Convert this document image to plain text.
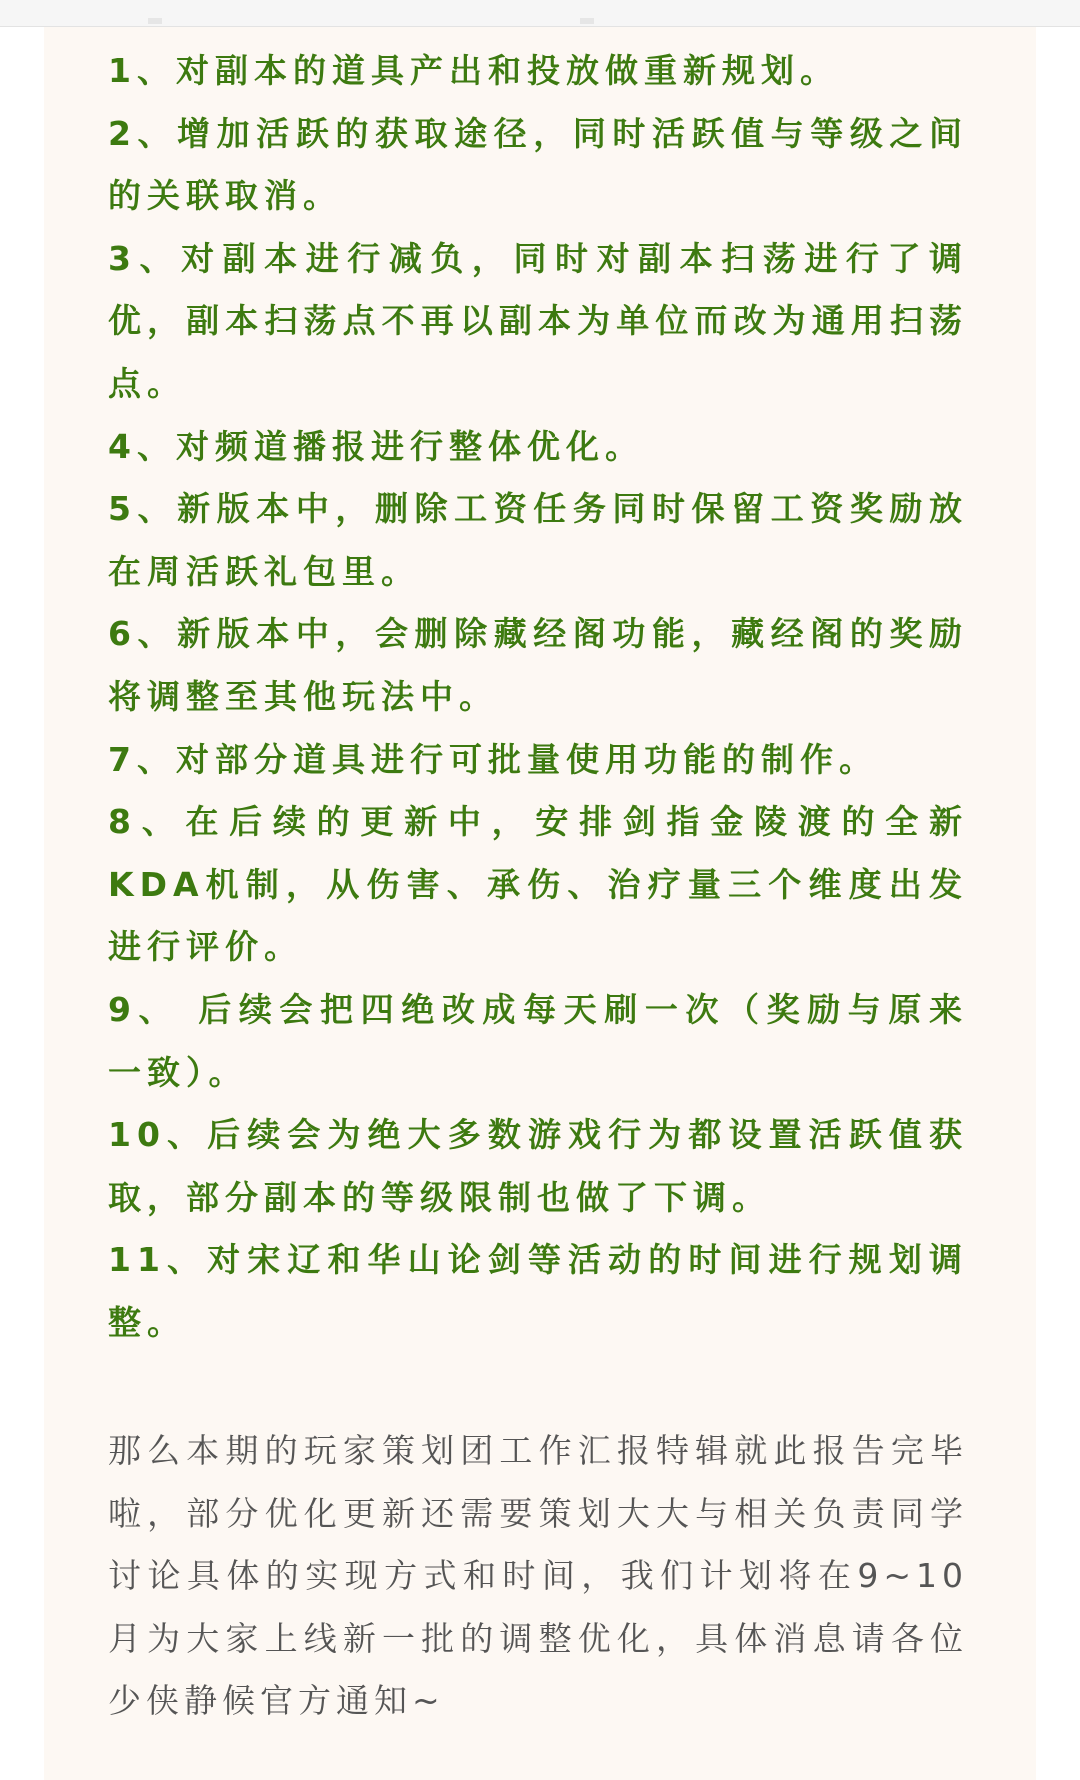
1、对副本的道具产出和投放做重新规划。
2、增加活跃的获取途径，同时活跃值与等级之间的关联取消。
3、对副本进行减负，同时对副本扫荡进行了调优，副本扫荡点不再以副本为单位而改为通用扫荡点。
4、对频道播报进行整体优化。
5、新版本中，删除工资任务同时保留工资奖励放在周活跃礼包里。
6、新版本中，会删除藏经阁功能，藏经阁的奖励将调整至其他玩法中。
7、对部分道具进行可批量使用功能的制作。
8、在后续的更新中，安排剑指金陵渡的全新KDA机制，从伤害、承伤、治疗量三个维度出发进行评价。
9、 后续会把四绝改成每天刷一次（奖励与原来一致）。
10、后续会为绝大多数游戏行为都设置活跃值获取，部分副本的等级限制也做了下调。
11、对宋辽和华山论剑等活动的时间进行规划调整。

那么本期的玩家策划团工作汇报特辑就此报告完毕啦，部分优化更新还需要策划大大与相关负责同学讨论具体的实现方式和时间，我们计划将在9~10月为大家上线新一批的调整优化，具体消息请各位少侠静候官方通知~
